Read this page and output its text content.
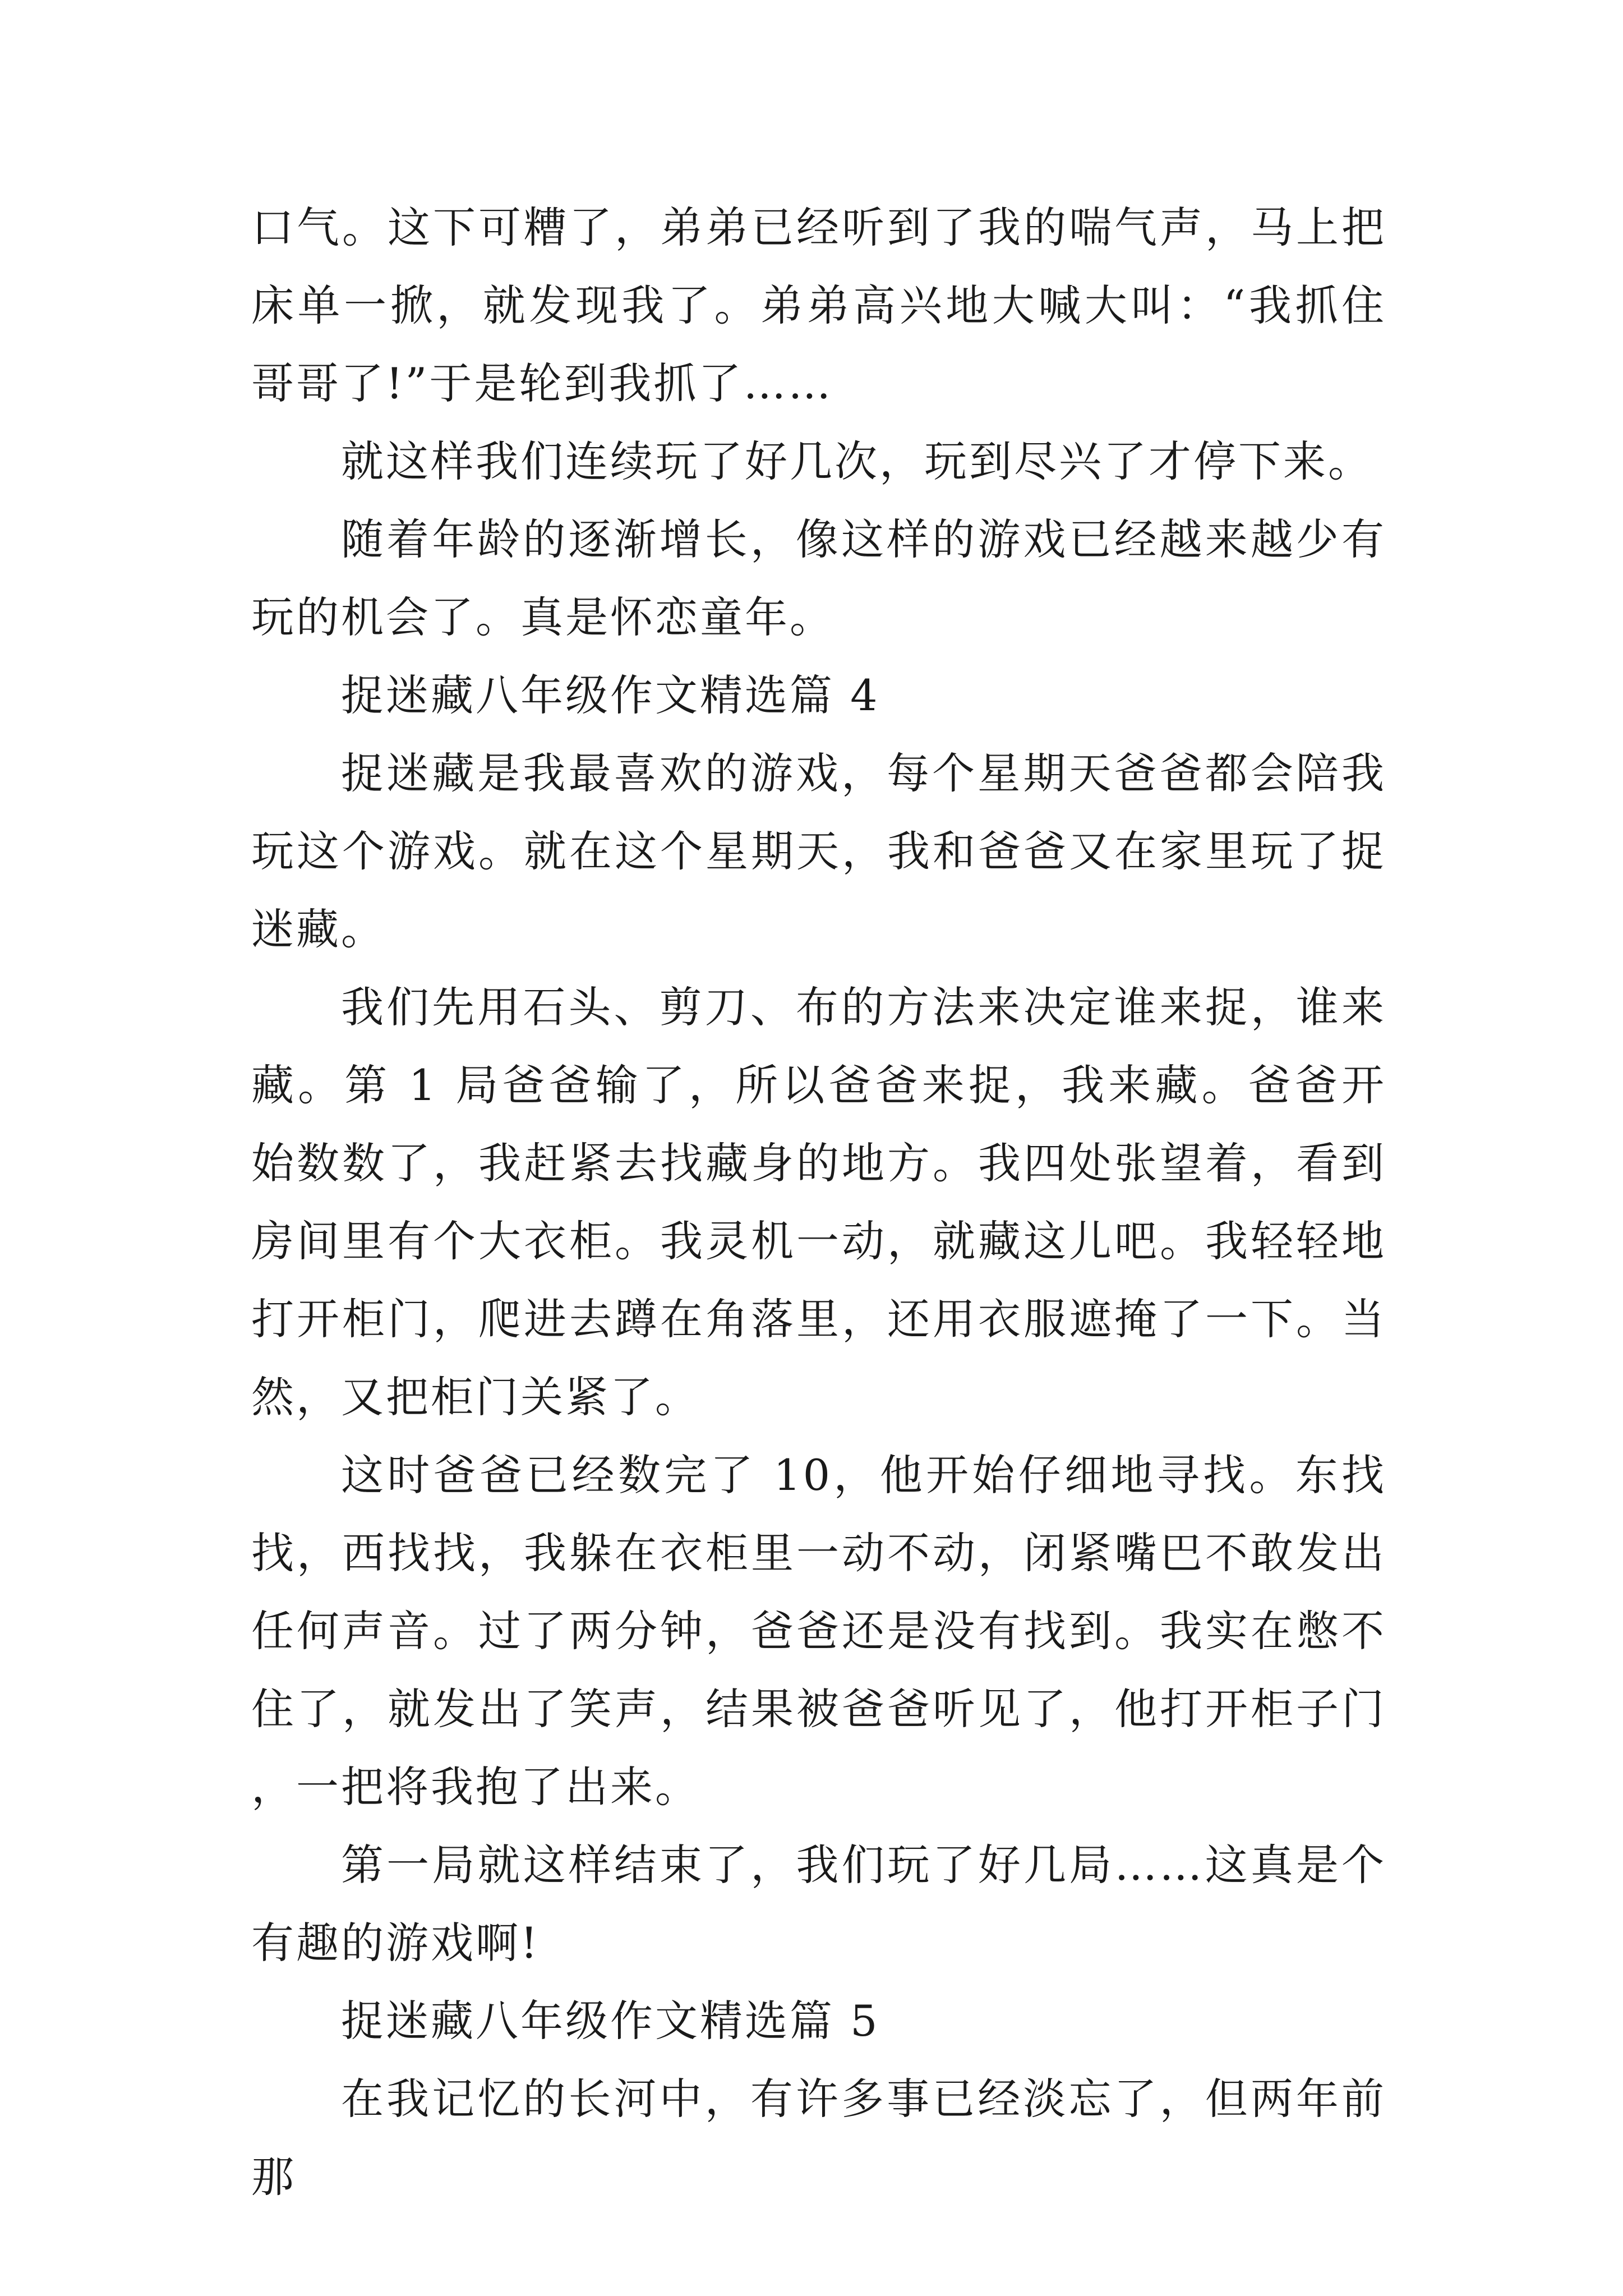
口气。这下可糟了，弟弟已经听到了我的喘气声，马上把床单一掀，就发现我了。弟弟高兴地大喊大叫：“我抓住哥哥了!”于是轮到我抓了……

就这样我们连续玩了好几次，玩到尽兴了才停下来。

随着年龄的逐渐增长，像这样的游戏已经越来越少有玩的机会了。真是怀恋童年。

捉迷藏八年级作文精选篇 4

捉迷藏是我最喜欢的游戏，每个星期天爸爸都会陪我玩这个游戏。就在这个星期天，我和爸爸又在家里玩了捉迷藏。

我们先用石头、剪刀、布的方法来决定谁来捉，谁来藏。第 1 局爸爸输了，所以爸爸来捉，我来藏。爸爸开始数数了，我赶紧去找藏身的地方。我四处张望着，看到房间里有个大衣柜。我灵机一动，就藏这儿吧。我轻轻地打开柜门，爬进去蹲在角落里，还用衣服遮掩了一下。当然，又把柜门关紧了。

这时爸爸已经数完了 10，他开始仔细地寻找。东找找，西找找，我躲在衣柜里一动不动，闭紧嘴巴不敢发出任何声音。过了两分钟，爸爸还是没有找到。我实在憋不住了，就发出了笑声，结果被爸爸听见了，他打开柜子门，一把将我抱了出来。

第一局就这样结束了，我们玩了好几局……这真是个有趣的游戏啊!

捉迷藏八年级作文精选篇 5

在我记忆的长河中，有许多事已经淡忘了，但两年前那
